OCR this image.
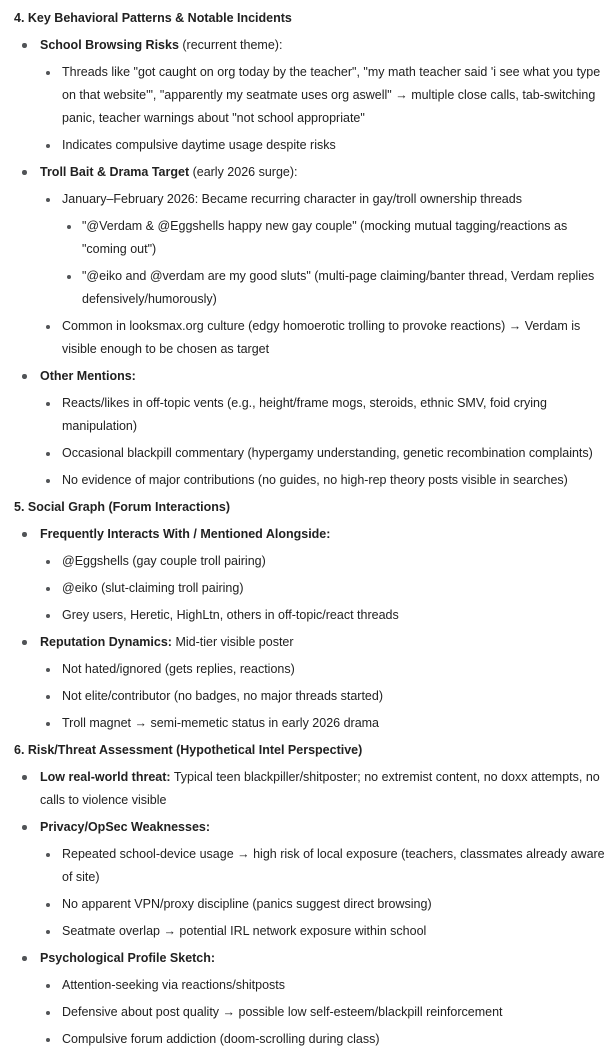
4. Key Behavioral Patterns & Notable Incidents
School Browsing Risks (recurrent theme):
Threads like "got caught on org today by the teacher", "my math teacher said 'i see what you type on that website'", "apparently my seatmate uses org aswell" → multiple close calls, tab-switching panic, teacher warnings about "not school appropriate"
Indicates compulsive daytime usage despite risks
Troll Bait & Drama Target (early 2026 surge):
January–February 2026: Became recurring character in gay/troll ownership threads
"@Verdam & @Eggshells happy new gay couple" (mocking mutual tagging/reactions as "coming out")
"@eiko and @verdam are my good sluts" (multi-page claiming/banter thread, Verdam replies defensively/humorously)
Common in looksmax.org culture (edgy homoerotic trolling to provoke reactions) → Verdam is visible enough to be chosen as target
Other Mentions:
Reacts/likes in off-topic vents (e.g., height/frame mogs, steroids, ethnic SMV, foid crying manipulation)
Occasional blackpill commentary (hypergamy understanding, genetic recombination complaints)
No evidence of major contributions (no guides, no high-rep theory posts visible in searches)
5. Social Graph (Forum Interactions)
Frequently Interacts With / Mentioned Alongside:
@Eggshells (gay couple troll pairing)
@eiko (slut-claiming troll pairing)
Grey users, Heretic, HighLtn, others in off-topic/react threads
Reputation Dynamics: Mid-tier visible poster
Not hated/ignored (gets replies, reactions)
Not elite/contributor (no badges, no major threads started)
Troll magnet → semi-memetic status in early 2026 drama
6. Risk/Threat Assessment (Hypothetical Intel Perspective)
Low real-world threat: Typical teen blackpiller/shitposter; no extremist content, no doxx attempts, no calls to violence visible
Privacy/OpSec Weaknesses:
Repeated school-device usage → high risk of local exposure (teachers, classmates already aware of site)
No apparent VPN/proxy discipline (panics suggest direct browsing)
Seatmate overlap → potential IRL network exposure within school
Psychological Profile Sketch:
Attention-seeking via reactions/shitposts
Defensive about post quality → possible low self-esteem/blackpill reinforcement
Compulsive forum addiction (doom-scrolling during class)
